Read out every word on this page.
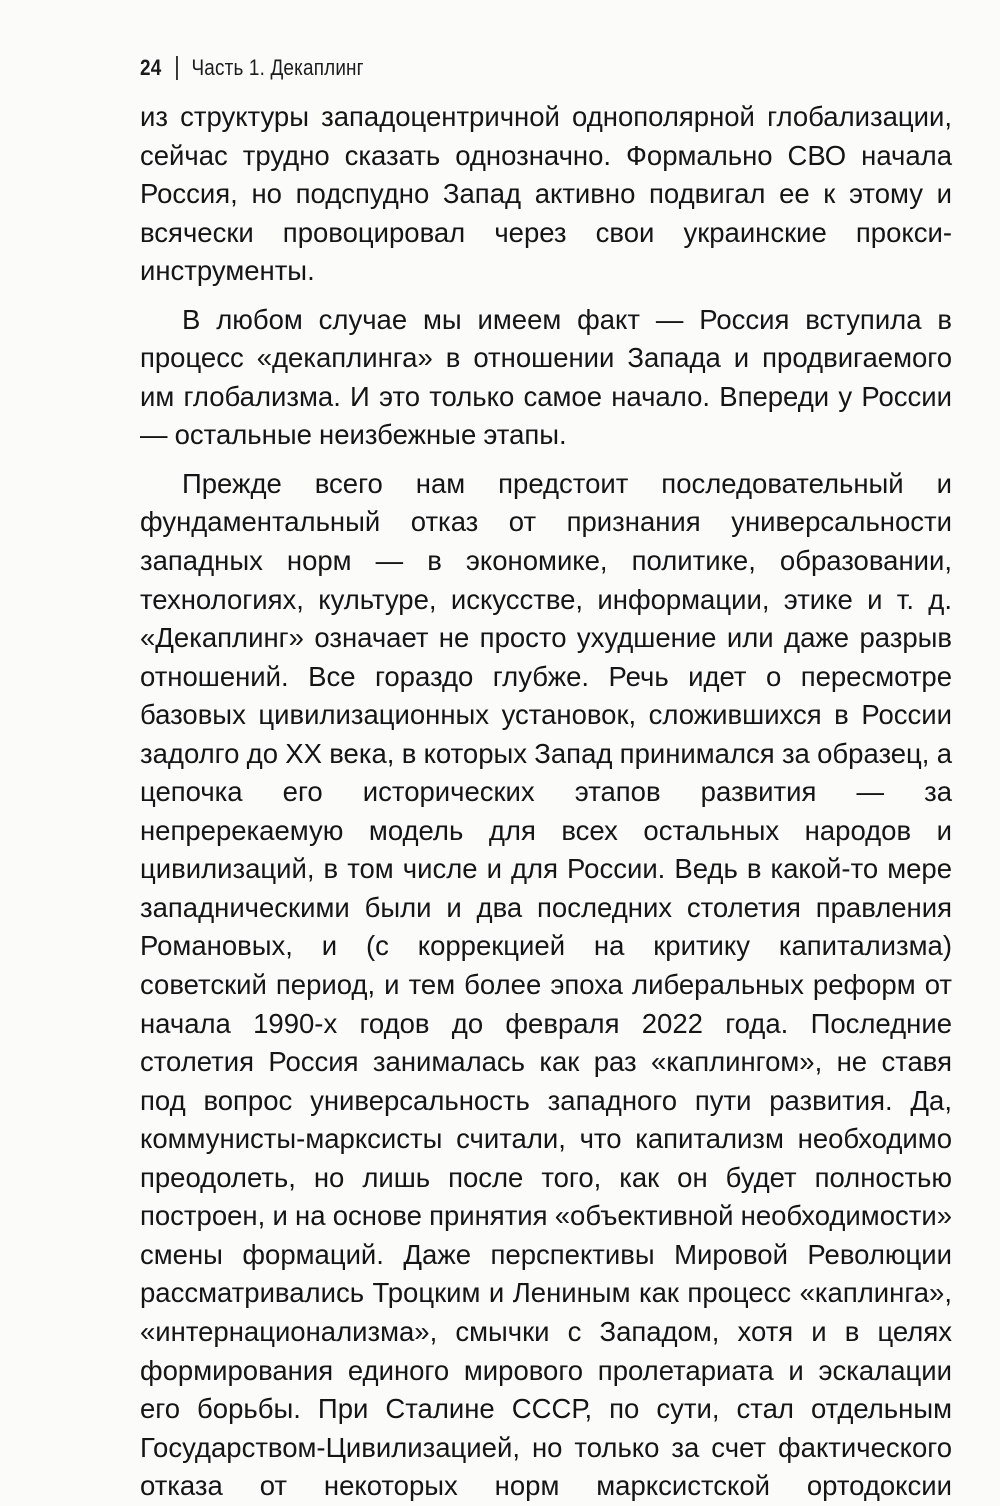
24 Часть 1. Декаплинг

из структуры западоцентричной однополярной глобализации, сейчас трудно сказать однозначно. Формально СВО начала Россия, но подспудно Запад активно подвигал ее к этому и всячески провоцировал через свои украинские прокси-инструменты.

В любом случае мы имеем факт — Россия вступила в процесс «декаплинга» в отношении Запада и продвигаемого им глобализма. И это только самое начало. Впереди у России — остальные неизбежные этапы.

Прежде всего нам предстоит последовательный и фундаментальный отказ от признания универсальности западных норм — в экономике, политике, образовании, технологиях, культуре, искусстве, информации, этике и т. д. «Декаплинг» означает не просто ухудшение или даже разрыв отношений. Все гораздо глубже. Речь идет о пересмотре базовых цивилизационных установок, сложившихся в России задолго до XX века, в которых Запад принимался за образец, а цепочка его исторических этапов развития — за непререкаемую модель для всех остальных народов и цивилизаций, в том числе и для России. Ведь в какой-то мере западническими были и два последних столетия правления Романовых, и (с коррекцией на критику капитализма) советский период, и тем более эпоха либеральных реформ от начала 1990-х годов до февраля 2022 года. Последние столетия Россия занималась как раз «каплингом», не ставя под вопрос универсальность западного пути развития. Да, коммунисты-марксисты считали, что капитализм необходимо преодолеть, но лишь после того, как он будет полностью построен, и на основе принятия «объективной необходимости» смены формаций. Даже перспективы Мировой Революции рассматривались Троцким и Лениным как процесс «каплинга», «интернационализма», смычки с Западом, хотя и в целях формирования единого мирового пролетариата и эскалации его борьбы. При Сталине СССР, по сути, стал отдельным Государством-Цивилизацией, но только за счет фактического отказа от некоторых норм марксистской ортодоксии
